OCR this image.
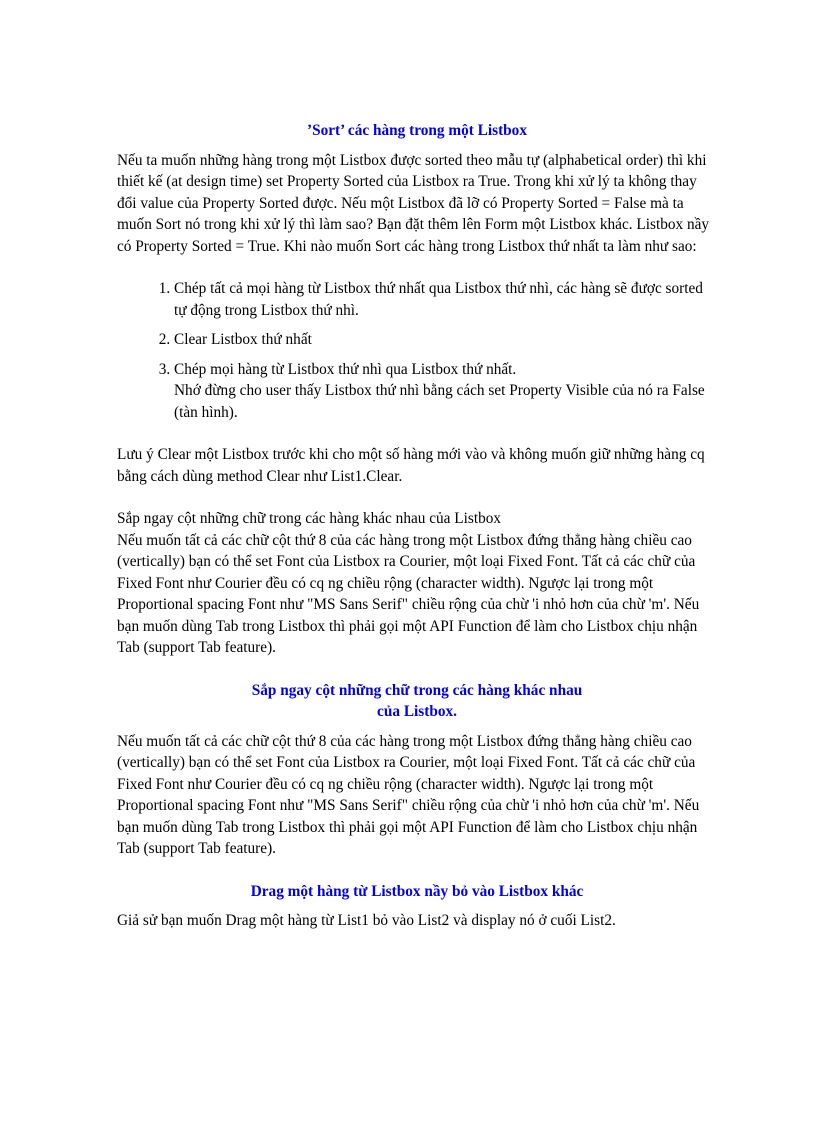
’Sort’ các hàng trong một Listbox

Nếu ta muốn những hàng trong một Listbox được sorted theo mẫu tự (alphabetical order) thì khi thiết kế (at design time) set Property Sorted của Listbox ra True. Trong khi xử lý ta không thay đổi value của Property Sorted được. Nếu một Listbox đã lỡ có Property Sorted = False mà ta muốn Sort nó trong khi xử lý thì làm sao? Bạn đặt thêm lên Form một Listbox khác. Listbox nầy có Property Sorted = True. Khi nào muốn Sort các hàng trong Listbox thứ nhất ta làm như sao:

1. Chép tất cả mọi hàng từ Listbox thứ nhất qua Listbox thứ nhì, các hàng sẽ được sorted tự động trong Listbox thứ nhì.
2. Clear Listbox thứ nhất
3. Chép mọi hàng từ Listbox thứ nhì qua Listbox thứ nhất.
Nhớ đừng cho user thấy Listbox thứ nhì bằng cách set Property Visible của nó ra False (tàn hình).

Lưu ý Clear một Listbox trước khi cho một số hàng mới vào và không muốn giữ những hàng cq bằng cách dùng method Clear như List1.Clear.

Sắp ngay cột những chữ trong các hàng khác nhau của Listbox

Nếu muốn tất cả các chữ cột thứ 8 của các hàng trong một Listbox đứng thẳng hàng chiều cao (vertically) bạn có thể set Font của Listbox ra Courier, một loại Fixed Font. Tất cả các chữ của Fixed Font như Courier đều có cq ng chiều rộng (character width). Ngược lại trong một Proportional spacing Font như "MS Sans Serif" chiều rộng của chừ 'i nhỏ hơn của chừ 'm'. Nếu bạn muốn dùng Tab trong Listbox thì phải gọi một API Function để làm cho Listbox chịu nhận Tab (support Tab feature).

Sắp ngay cột những chữ trong các hàng khác nhau

của Listbox.

Nếu muốn tất cả các chữ cột thứ 8 của các hàng trong một Listbox đứng thẳng hàng chiều cao (vertically) bạn có thể set Font của Listbox ra Courier, một loại Fixed Font. Tất cả các chữ của Fixed Font như Courier đều có cq ng chiều rộng (character width). Ngược lại trong một Proportional spacing Font như "MS Sans Serif" chiều rộng của chừ 'i nhỏ hơn của chừ 'm'. Nếu bạn muốn dùng Tab trong Listbox thì phải gọi một API Function để làm cho Listbox chịu nhận Tab (support Tab feature).

Drag một hàng từ Listbox nầy bỏ vào Listbox khác

Giả sử bạn muốn Drag một hàng từ List1 bỏ vào List2 và display nó ở cuối List2.
